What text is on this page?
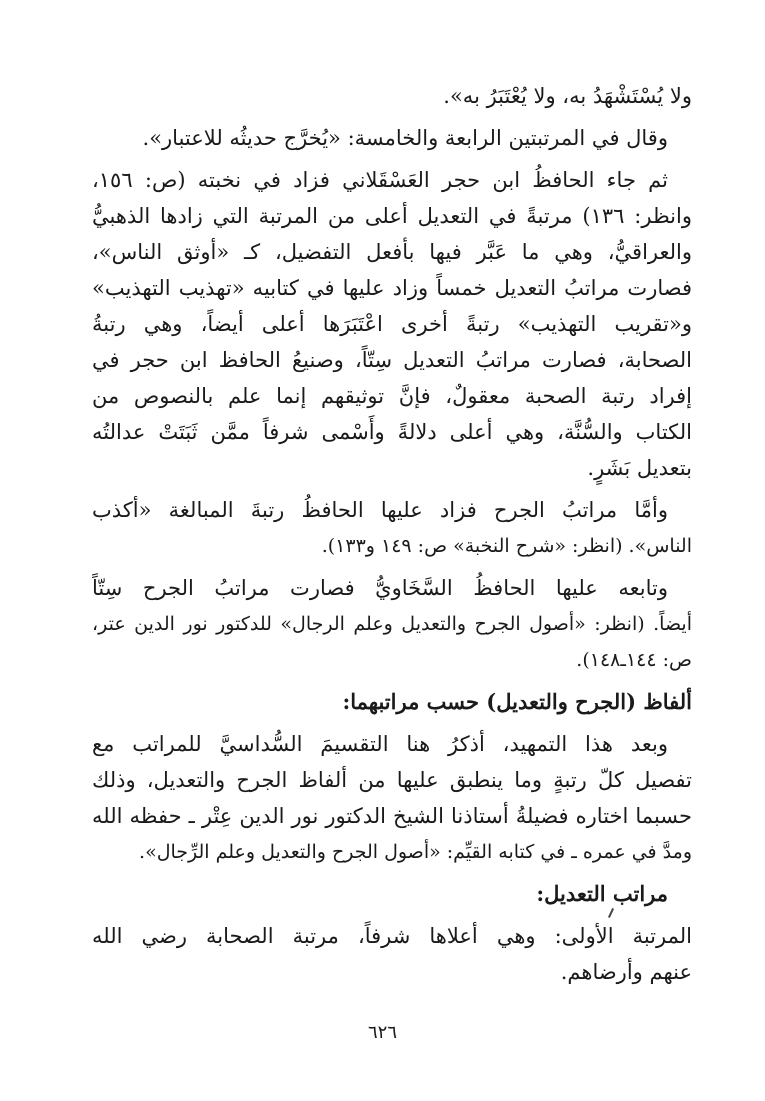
ولا يُسْتَشْهَدُ به، ولا يُعْتَبَرُ به».

وقال في المرتبتين الرابعة والخامسة: «يُخرَّج حديثُه للاعتبار».

ثم جاء الحافظُ ابن حجر العَسْقَلاني فزاد في نخبته (ص: ١٥٦،

وانظر: ١٣٦) مرتبةً في التعديل أعلى من المرتبة التي زادها الذهبيُّ

والعراقيُّ، وهي ما عَبَّر فيها بأفعل التفضيل، كـ «أوثق الناس»،

فصارت مراتبُ التعديل خمساً وزاد عليها في كتابيه «تهذيب التهذيب»

و«تقريب التهذيب» رتبةً أخرى اعْتَبَرَها أعلى أيضاً، وهي رتبةُ

الصحابة، فصارت مراتبُ التعديل سِتّاً، وصنيعُ الحافظ ابن حجر في

إفراد رتبة الصحبة معقولٌ، فإنَّ توثيقهم إنما علم بالنصوص من

الكتاب والسُّنَّة، وهي أعلى دلالةً وأَسْمى شرفاً ممَّن ثَبَتَتْ عدالتُه

بتعديل بَشَرٍ.

وأمَّا مراتبُ الجرح فزاد عليها الحافظُ رتبةَ المبالغة «أكذب

الناس». (انظر: «شرح النخبة» ص: ١٤٩ و١٣٣).

وتابعه عليها الحافظُ السَّخَاويُّ فصارت مراتبُ الجرح سِتّاً

أيضاً. (انظر: «أصول الجرح والتعديل وعلم الرجال» للدكتور نور الدين عتر،

ص: ١٤٤ـ١٤٨).

ألفاظ (الجرح والتعديل) حسب مراتبهما:

وبعد هذا التمهيد، أذكرُ هنا التقسيمَ السُّداسيَّ للمراتب مع

تفصيل كلّ رتبةٍ وما ينطبق عليها من ألفاظ الجرح والتعديل، وذلك

حسبما اختاره فضيلةُ أستاذنا الشيخ الدكتور نور الدين عِتْر ـ حفظه الله

ومدَّ في عمره ـ في كتابه القيِّم: «أصول الجرح والتعديل وعلم الرِّجال».

مراتب التعديل:

المرتبة الأولى: وهي أعلاها شرفاً، مرتبة الصحابة رضي الله

عنهم وأرضاهم.

٦٢٦
